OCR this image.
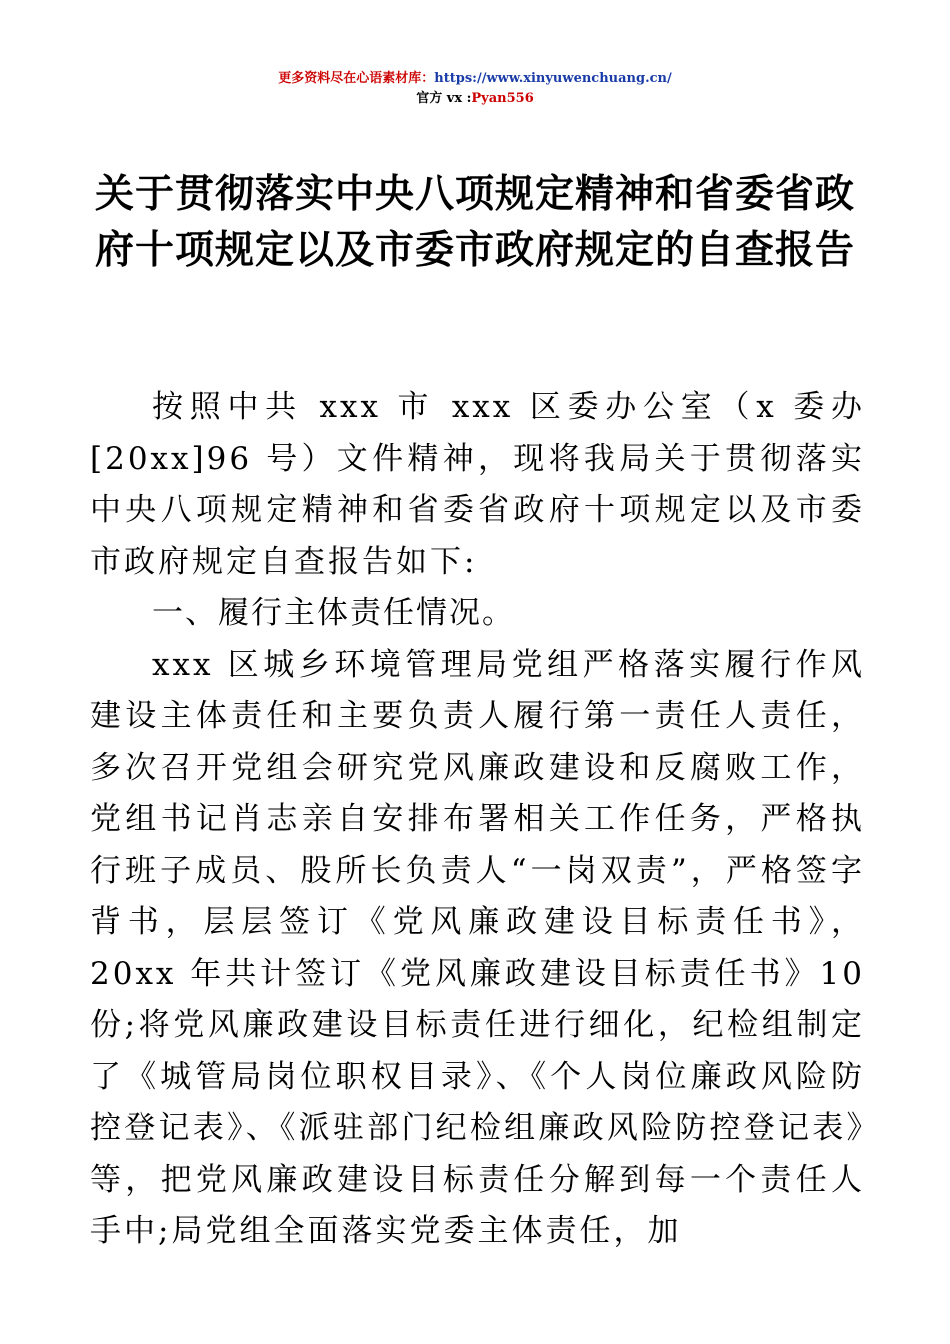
更多资料尽在心语素材库：https://www.xinyuwenchuang.cn/
官方 vx :Pyan556
关于贯彻落实中央八项规定精神和省委省政府十项规定以及市委市政府规定的自查报告

按照中共 xxx 市 xxx 区委办公室（x 委办[20xx]96 号）文件精神，现将我局关于贯彻落实中央八项规定精神和省委省政府十项规定以及市委市政府规定自查报告如下:

一、履行主体责任情况。

xxx 区城乡环境管理局党组严格落实履行作风建设主体责任和主要负责人履行第一责任人责任，多次召开党组会研究党风廉政建设和反腐败工作，党组书记肖志亲自安排布署相关工作任务，严格执行班子成员、股所长负责人“一岗双责”，严格签字背书，层层签订《党风廉政建设目标责任书》，20xx 年共计签订《党风廉政建设目标责任书》10 份;将党风廉政建设目标责任进行细化，纪检组制定了《城管局岗位职权目录》、《个人岗位廉政风险防控登记表》、《派驻部门纪检组廉政风险防控登记表》等，把党风廉政建设目标责任分解到每一个责任人手中;局党组全面落实党委主体责任，加
